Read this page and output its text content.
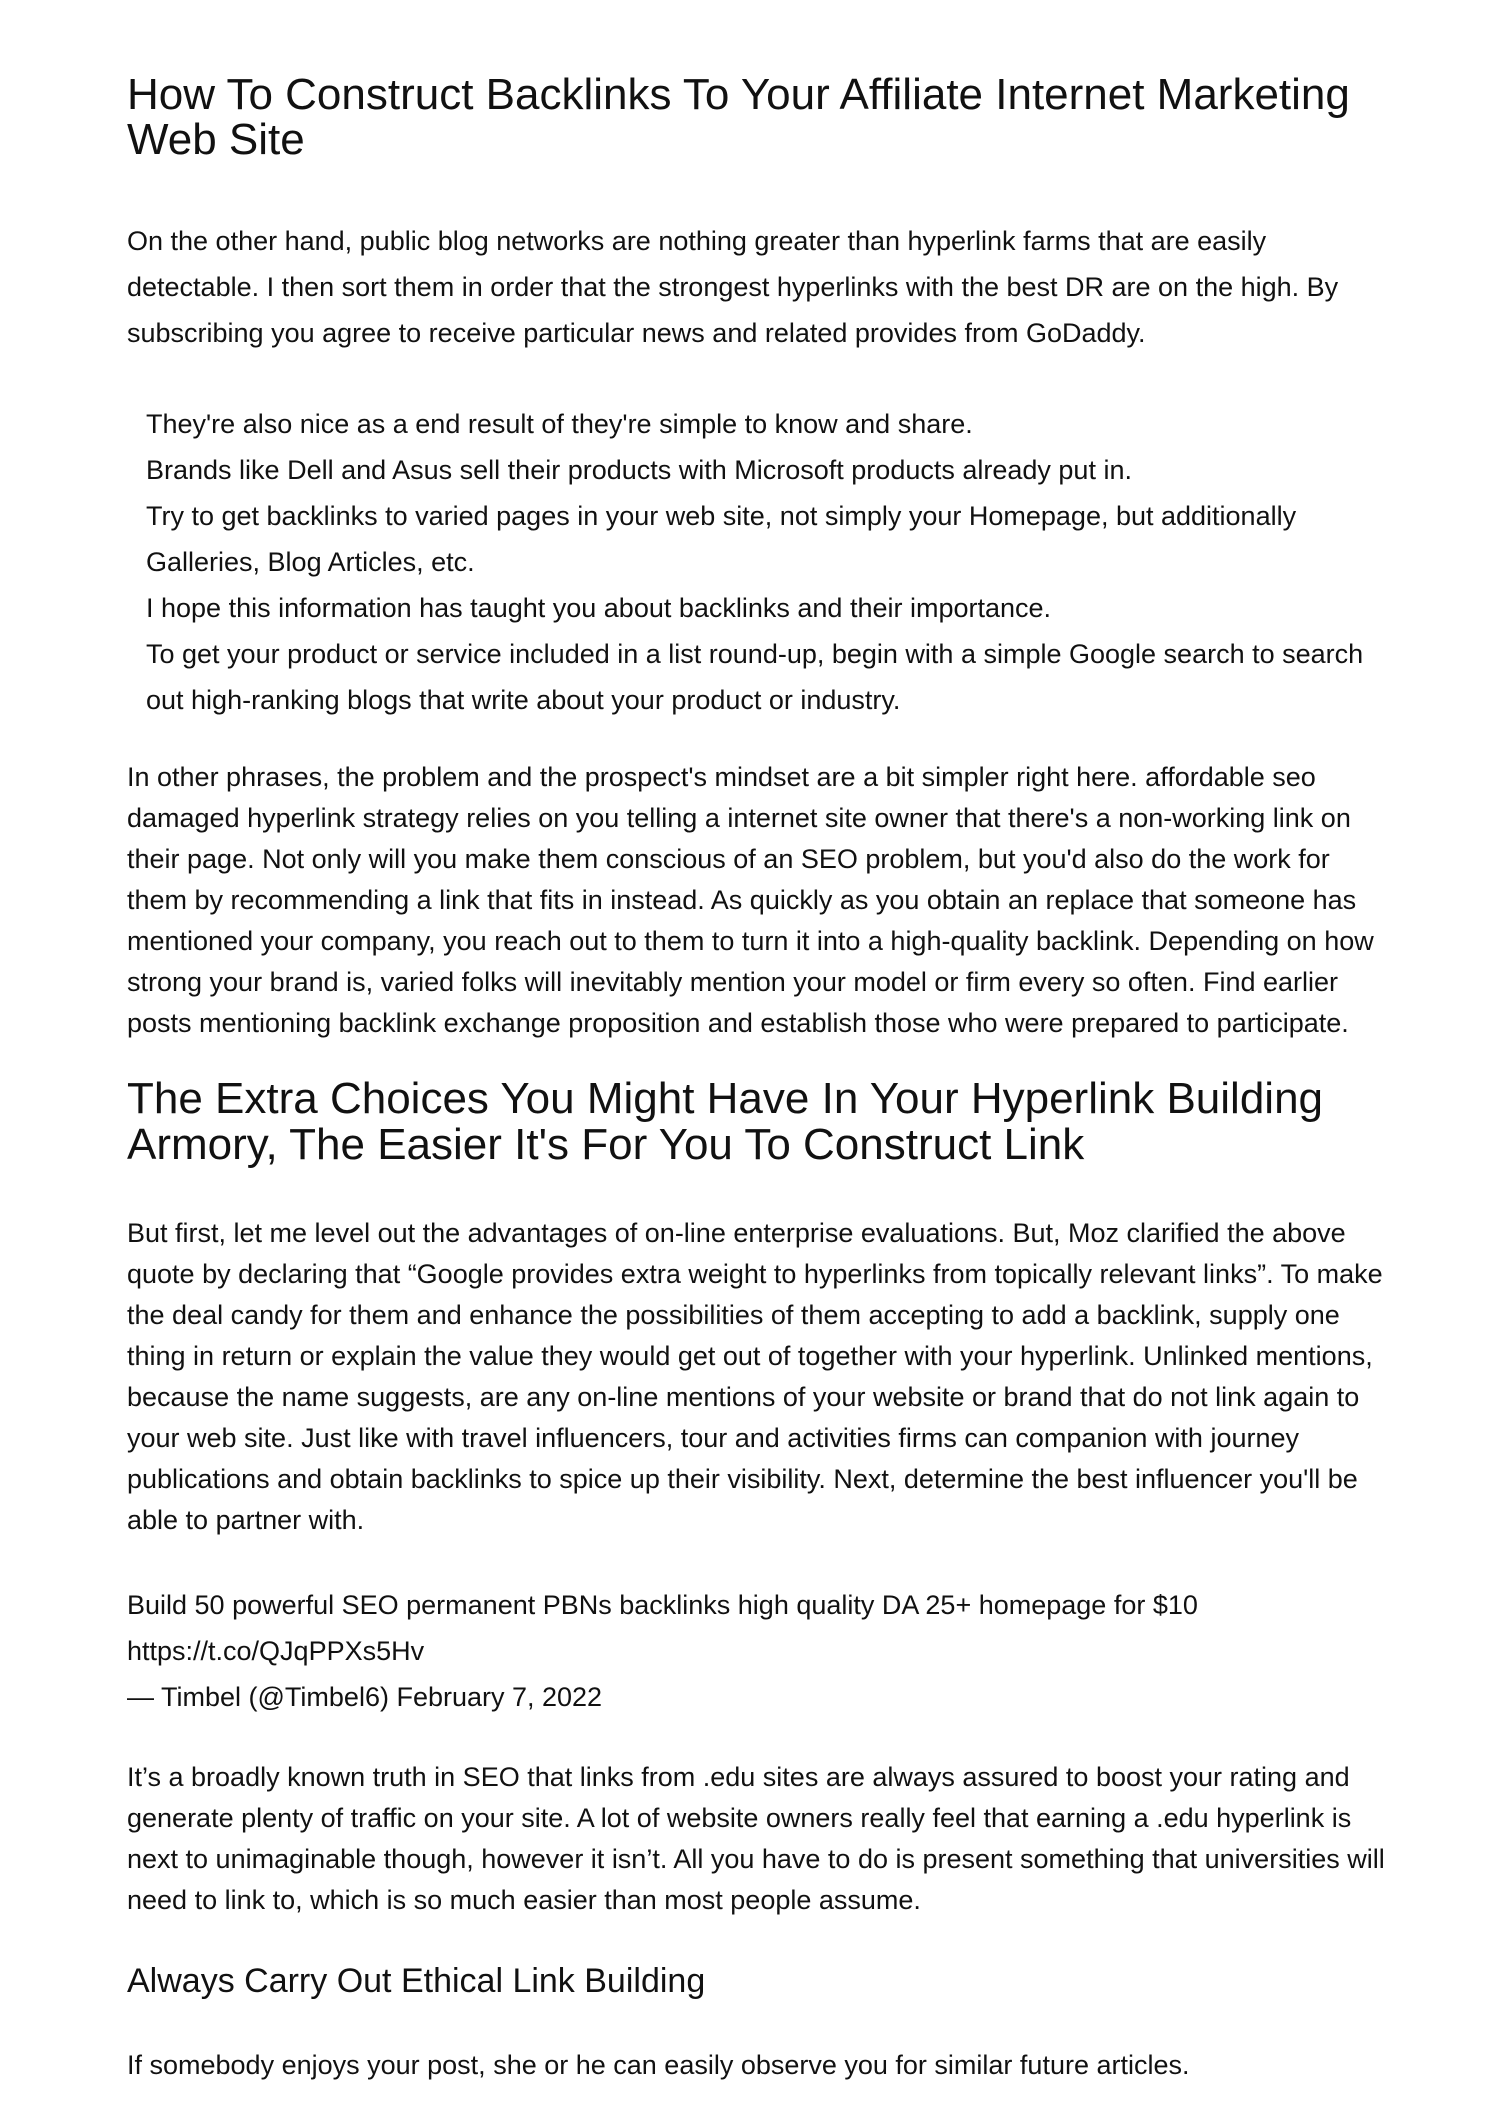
How To Construct Backlinks To Your Affiliate Internet Marketing Web Site

On the other hand, public blog networks are nothing greater than hyperlink farms that are easily detectable. I then sort them in order that the strongest hyperlinks with the best DR are on the high. By subscribing you agree to receive particular news and related provides from GoDaddy.

They're also nice as a end result of they're simple to know and share.
Brands like Dell and Asus sell their products with Microsoft products already put in.
Try to get backlinks to varied pages in your web site, not simply your Homepage, but additionally Galleries, Blog Articles, etc.
I hope this information has taught you about backlinks and their importance.
To get your product or service included in a list round-up, begin with a simple Google search to search out high-ranking blogs that write about your product or industry.

In other phrases, the problem and the prospect's mindset are a bit simpler right here. affordable seo damaged hyperlink strategy relies on you telling a internet site owner that there's a non-working link on their page. Not only will you make them conscious of an SEO problem, but you'd also do the work for them by recommending a link that fits in instead. As quickly as you obtain an replace that someone has mentioned your company, you reach out to them to turn it into a high-quality backlink. Depending on how strong your brand is, varied folks will inevitably mention your model or firm every so often. Find earlier posts mentioning backlink exchange proposition and establish those who were prepared to participate.

The Extra Choices You Might Have In Your Hyperlink Building Armory, The Easier It's For You To Construct Link

But first, let me level out the advantages of on-line enterprise evaluations. But, Moz clarified the above quote by declaring that “Google provides extra weight to hyperlinks from topically relevant links”. To make the deal candy for them and enhance the possibilities of them accepting to add a backlink, supply one thing in return or explain the value they would get out of together with your hyperlink. Unlinked mentions, because the name suggests, are any on-line mentions of your website or brand that do not link again to your web site. Just like with travel influencers, tour and activities firms can companion with journey publications and obtain backlinks to spice up their visibility. Next, determine the best influencer you'll be able to partner with.

Build 50 powerful SEO permanent PBNs backlinks high quality DA 25+ homepage for $10
https://t.co/QJqPPXs5Hv
— Timbel (@Timbel6) February 7, 2022

It’s a broadly known truth in SEO that links from .edu sites are always assured to boost your rating and generate plenty of traffic on your site. A lot of website owners really feel that earning a .edu hyperlink is next to unimaginable though, however it isn’t. All you have to do is present something that universities will need to link to, which is so much easier than most people assume.

Always Carry Out Ethical Link Building

If somebody enjoys your post, she or he can easily observe you for similar future articles.
